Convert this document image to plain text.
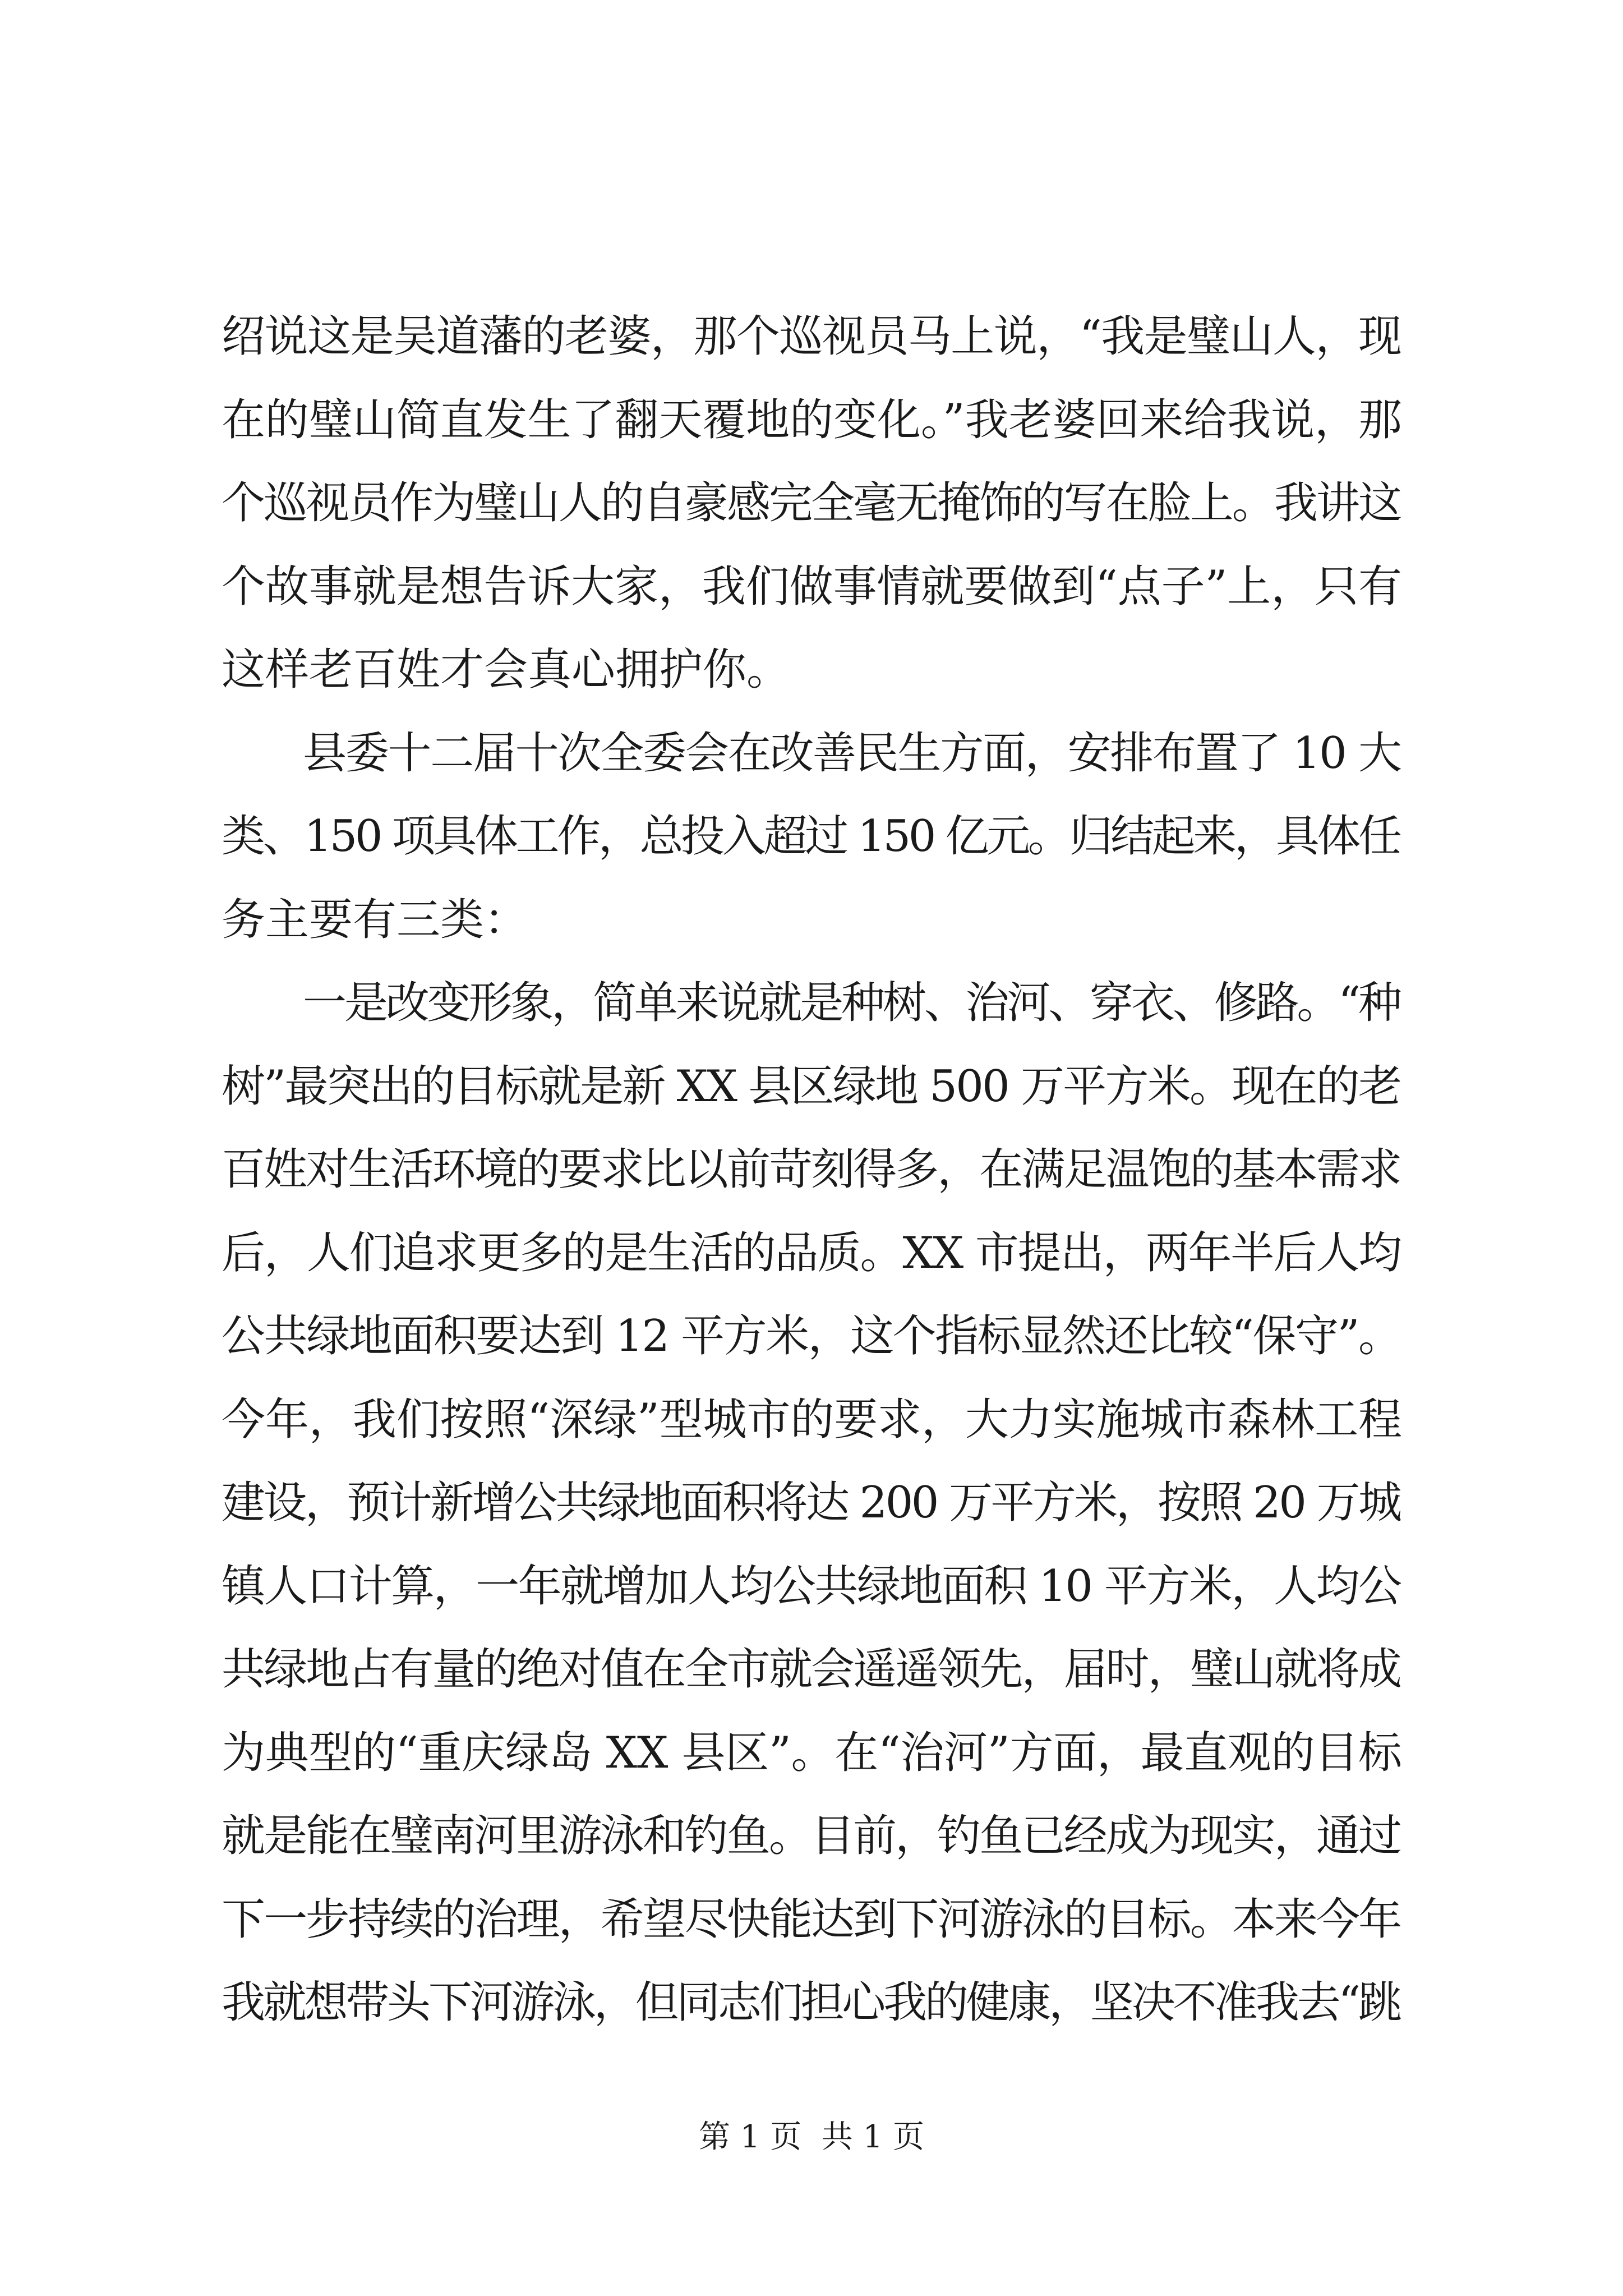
绍说这是吴道藩的老婆，那个巡视员马上说，“我是璧山人，现
在的璧山简直发生了翻天覆地的变化。”我老婆回来给我说，那
个巡视员作为璧山人的自豪感完全毫无掩饰的写在脸上。我讲这
个故事就是想告诉大家，我们做事情就要做到“点子”上，只有
这样老百姓才会真心拥护你。
县委十二届十次全委会在改善民生方面，安排布置了 10 大
类、150 项具体工作，总投入超过 150 亿元。归结起来，具体任
务主要有三类：
一是改变形象，简单来说就是种树、治河、穿衣、修路。“种
树”最突出的目标就是新 XX 县区绿地 500 万平方米。现在的老
百姓对生活环境的要求比以前苛刻得多，在满足温饱的基本需求
后，人们追求更多的是生活的品质。XX 市提出，两年半后人均
公共绿地面积要达到 12 平方米，这个指标显然还比较“保守”。
今年，我们按照“深绿”型城市的要求，大力实施城市森林工程
建设，预计新增公共绿地面积将达 200 万平方米，按照 20 万城
镇人口计算，一年就增加人均公共绿地面积 10 平方米，人均公
共绿地占有量的绝对值在全市就会遥遥领先，届时，璧山就将成
为典型的“重庆绿岛 XX 县区”。在“治河”方面，最直观的目标
就是能在璧南河里游泳和钓鱼。目前，钓鱼已经成为现实，通过
下一步持续的治理，希望尽快能达到下河游泳的目标。本来今年
我就想带头下河游泳，但同志们担心我的健康，坚决不准我去“跳
第 1 页  共 1 页
